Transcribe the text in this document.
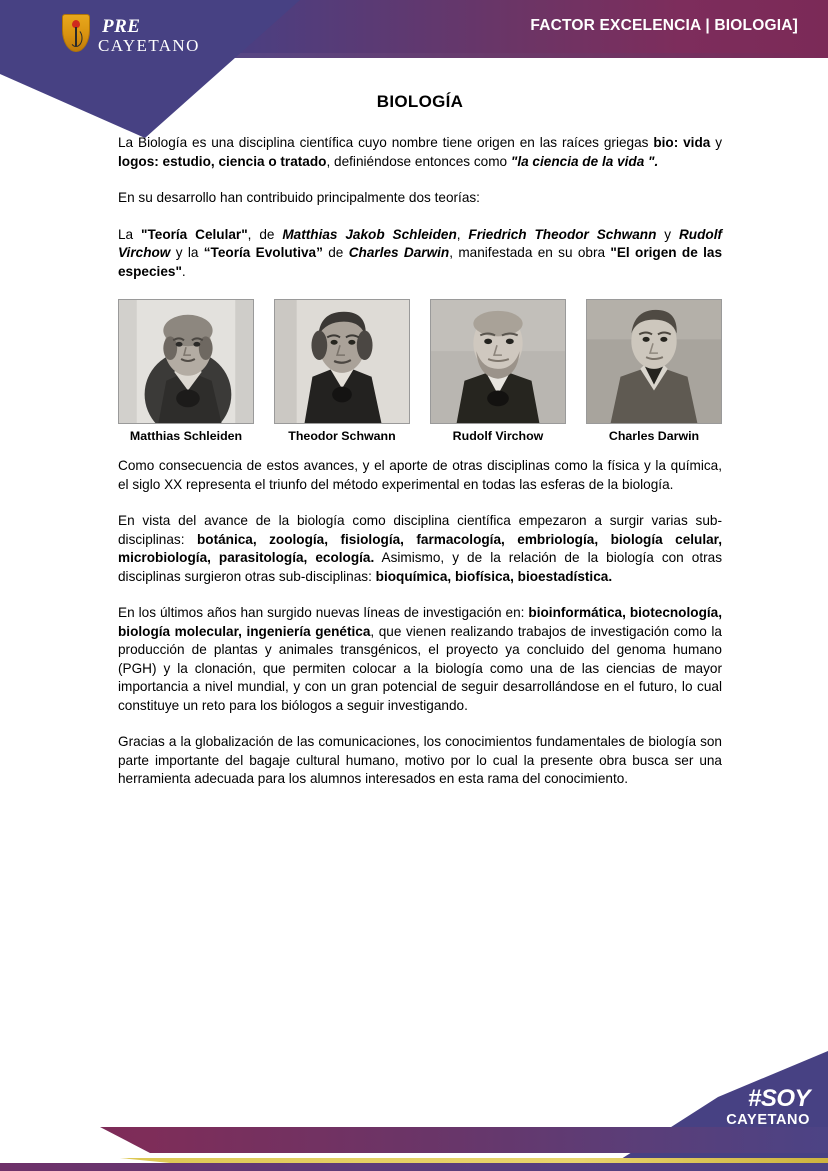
PRE
CAYETANO
FACTOR EXCELENCIA | BIOLOGIA]
BIOLOGÍA

La Biología es una disciplina científica cuyo nombre tiene origen en las raíces griegas bio: vida y logos: estudio, ciencia o tratado, definiéndose entonces como "la ciencia de la vida ".

En su desarrollo han contribuido principalmente dos teorías:

La "Teoría Celular", de Matthias Jakob Schleiden, Friedrich Theodor Schwann y Rudolf Virchow y la “Teoría Evolutiva” de Charles Darwin, manifestada en su obra "El origen de las especies".

Matthias Schleiden	Theodor Schwann	Rudolf Virchow	Charles Darwin

Como consecuencia de estos avances, y el aporte de otras disciplinas como la física y la química, el siglo XX representa el triunfo del método experimental en todas las esferas de la biología.

En vista del avance de la biología como disciplina científica empezaron a surgir varias sub-disciplinas: botánica, zoología, fisiología, farmacología, embriología, biología celular, microbiología, parasitología, ecología. Asimismo, y de la relación de la biología con otras disciplinas surgieron otras sub-disciplinas: bioquímica, biofísica, bioestadística.

En los últimos años han surgido nuevas líneas de investigación en: bioinformática, biotecnología, biología molecular, ingeniería genética, que vienen realizando trabajos de investigación como la producción de plantas y animales transgénicos, el proyecto ya concluido del genoma humano (PGH) y la clonación, que permiten colocar a la biología como una de las ciencias de mayor importancia a nivel mundial, y con un gran potencial de seguir desarrollándose en el futuro, lo cual constituye un reto para los biólogos a seguir investigando.

Gracias a la globalización de las comunicaciones, los conocimientos fundamentales de biología son parte importante del bagaje cultural humano, motivo por lo cual la presente obra busca ser una herramienta adecuada para los alumnos interesados en esta rama del conocimiento.

#SOY
CAYETANO
CENTRO DE ESTUDIOS PREUNIVERSITARIOS (CEPU)
